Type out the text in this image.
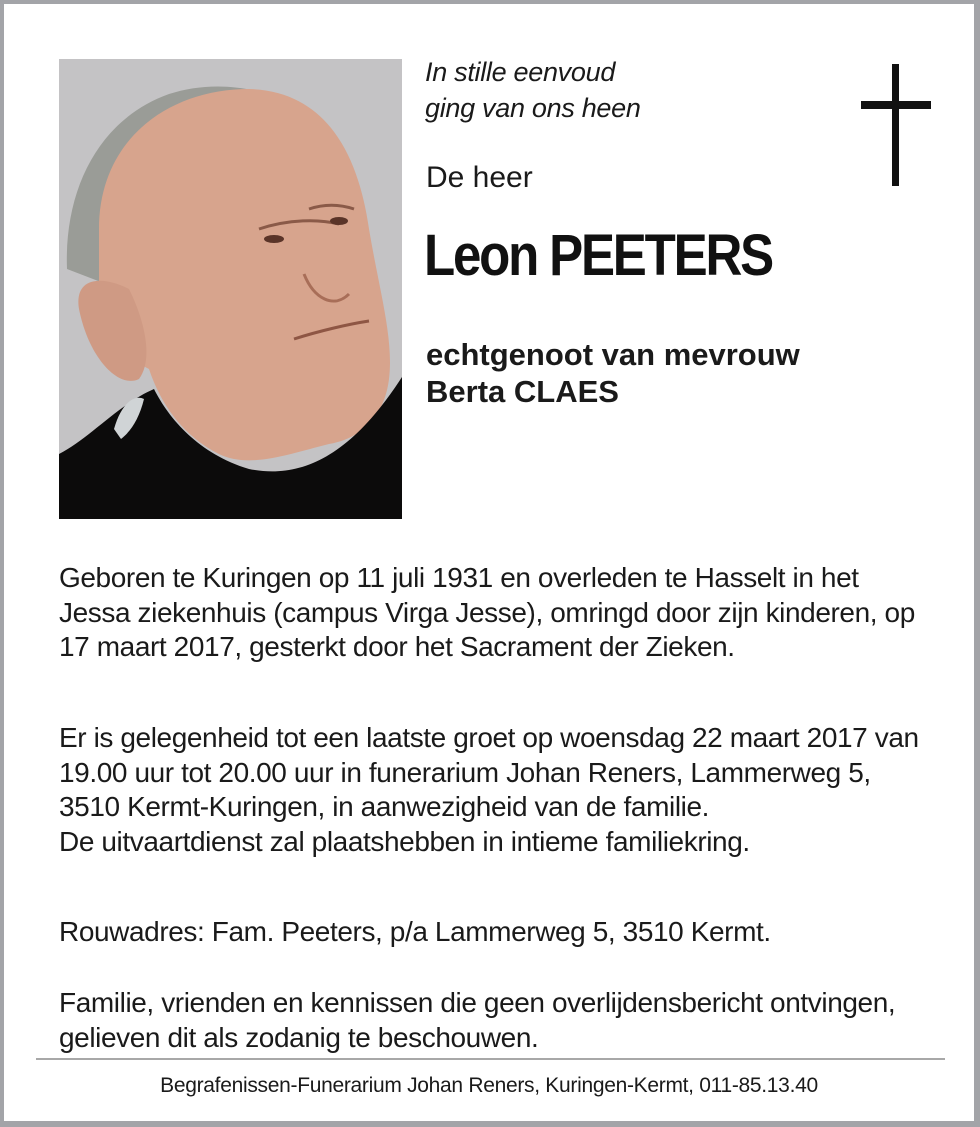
In stille eenvoud
ging van ons heen
De heer
Leon PEETERS
echtgenoot van mevrouw
Berta CLAES

Geboren te Kuringen op 11 juli 1931 en overleden te Hasselt in het Jessa ziekenhuis (campus Virga Jesse), omringd door zijn kinderen, op 17 maart 2017, gesterkt door het Sacrament der Zieken.

Er is gelegenheid tot een laatste groet op woensdag 22 maart 2017 van 19.00 uur tot 20.00 uur in funerarium Johan Reners, Lammerweg 5, 3510 Kermt-Kuringen, in aanwezigheid van de familie.

De uitvaartdienst zal plaatshebben in intieme familiekring.

Rouwadres: Fam. Peeters, p/a Lammerweg 5, 3510 Kermt.

Familie, vrienden en kennissen die geen overlijdensbericht ontvingen, gelieven dit als zodanig te beschouwen.

Begrafenissen-Funerarium Johan Reners, Kuringen-Kermt, 011-85.13.40
